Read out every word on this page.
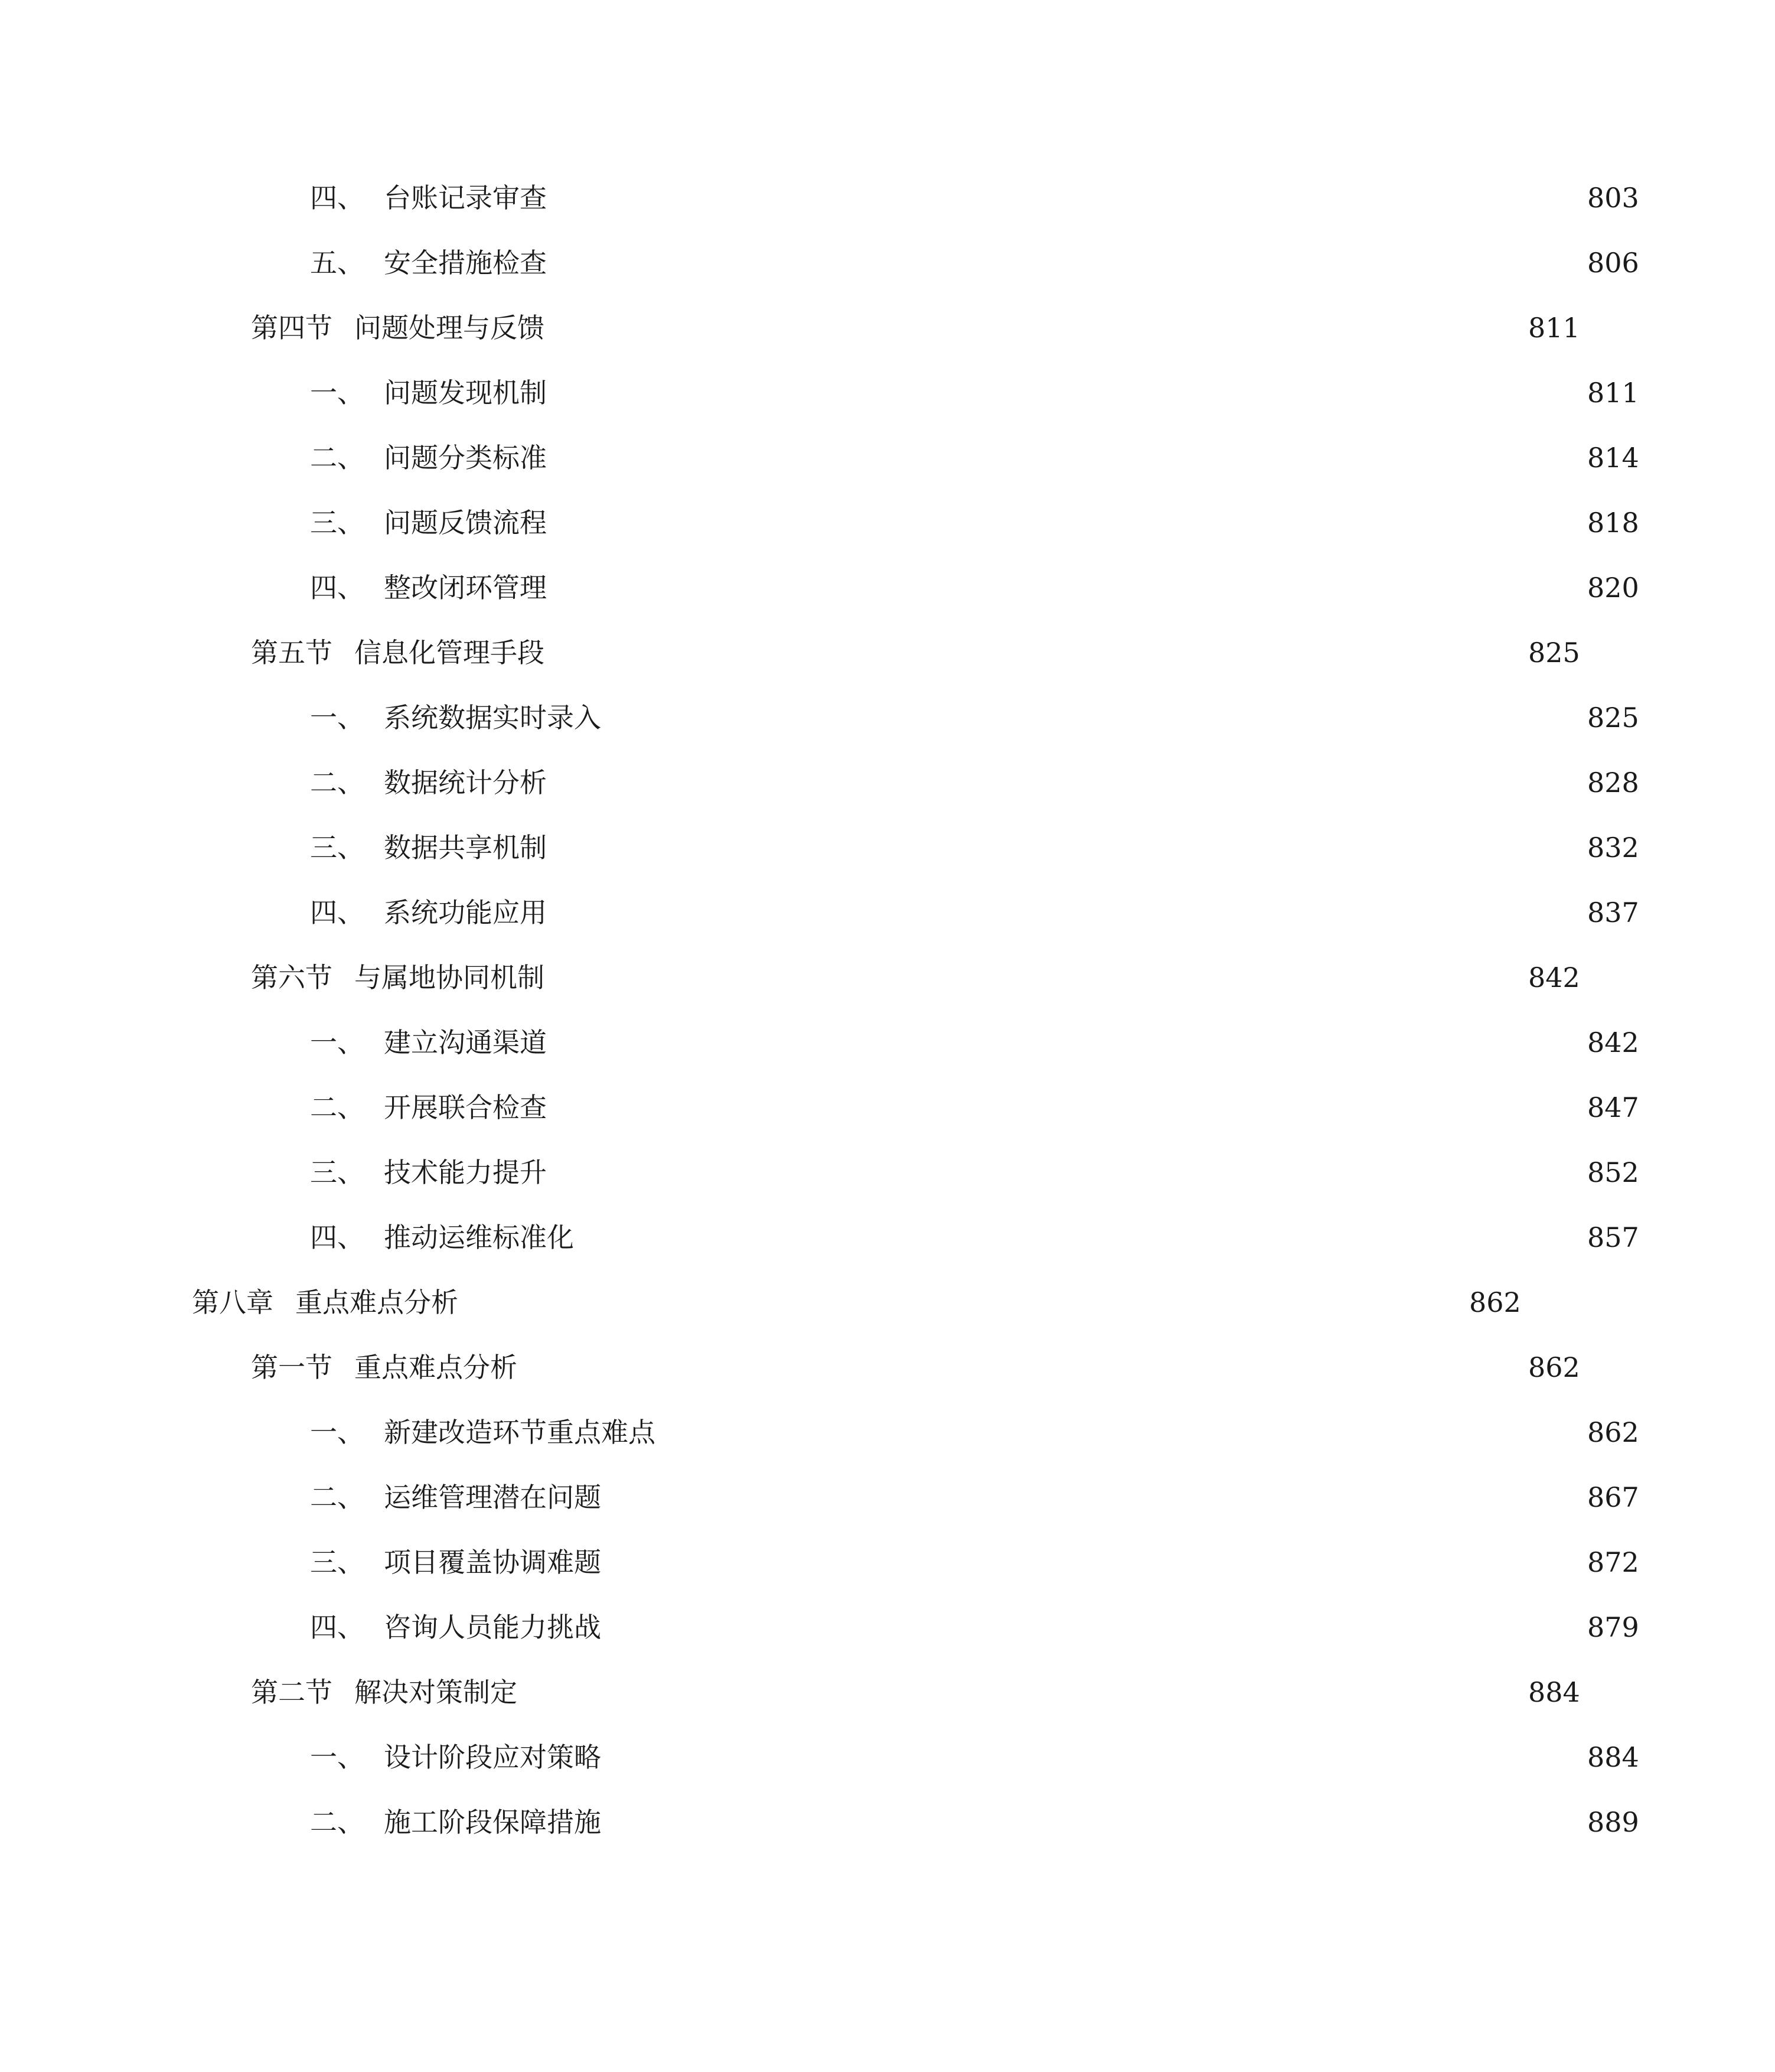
四、 台账记录审查	803
五、 安全措施检查	806
第四节 问题处理与反馈	811
一、 问题发现机制	811
二、 问题分类标准	814
三、 问题反馈流程	818
四、 整改闭环管理	820
第五节 信息化管理手段	825
一、 系统数据实时录入	825
二、 数据统计分析	828
三、 数据共享机制	832
四、 系统功能应用	837
第六节 与属地协同机制	842
一、 建立沟通渠道	842
二、 开展联合检查	847
三、 技术能力提升	852
四、 推动运维标准化	857
第八章 重点难点分析	862
第一节 重点难点分析	862
一、 新建改造环节重点难点	862
二、 运维管理潜在问题	867
三、 项目覆盖协调难题	872
四、 咨询人员能力挑战	879
第二节 解决对策制定	884
一、 设计阶段应对策略	884
二、 施工阶段保障措施	889
